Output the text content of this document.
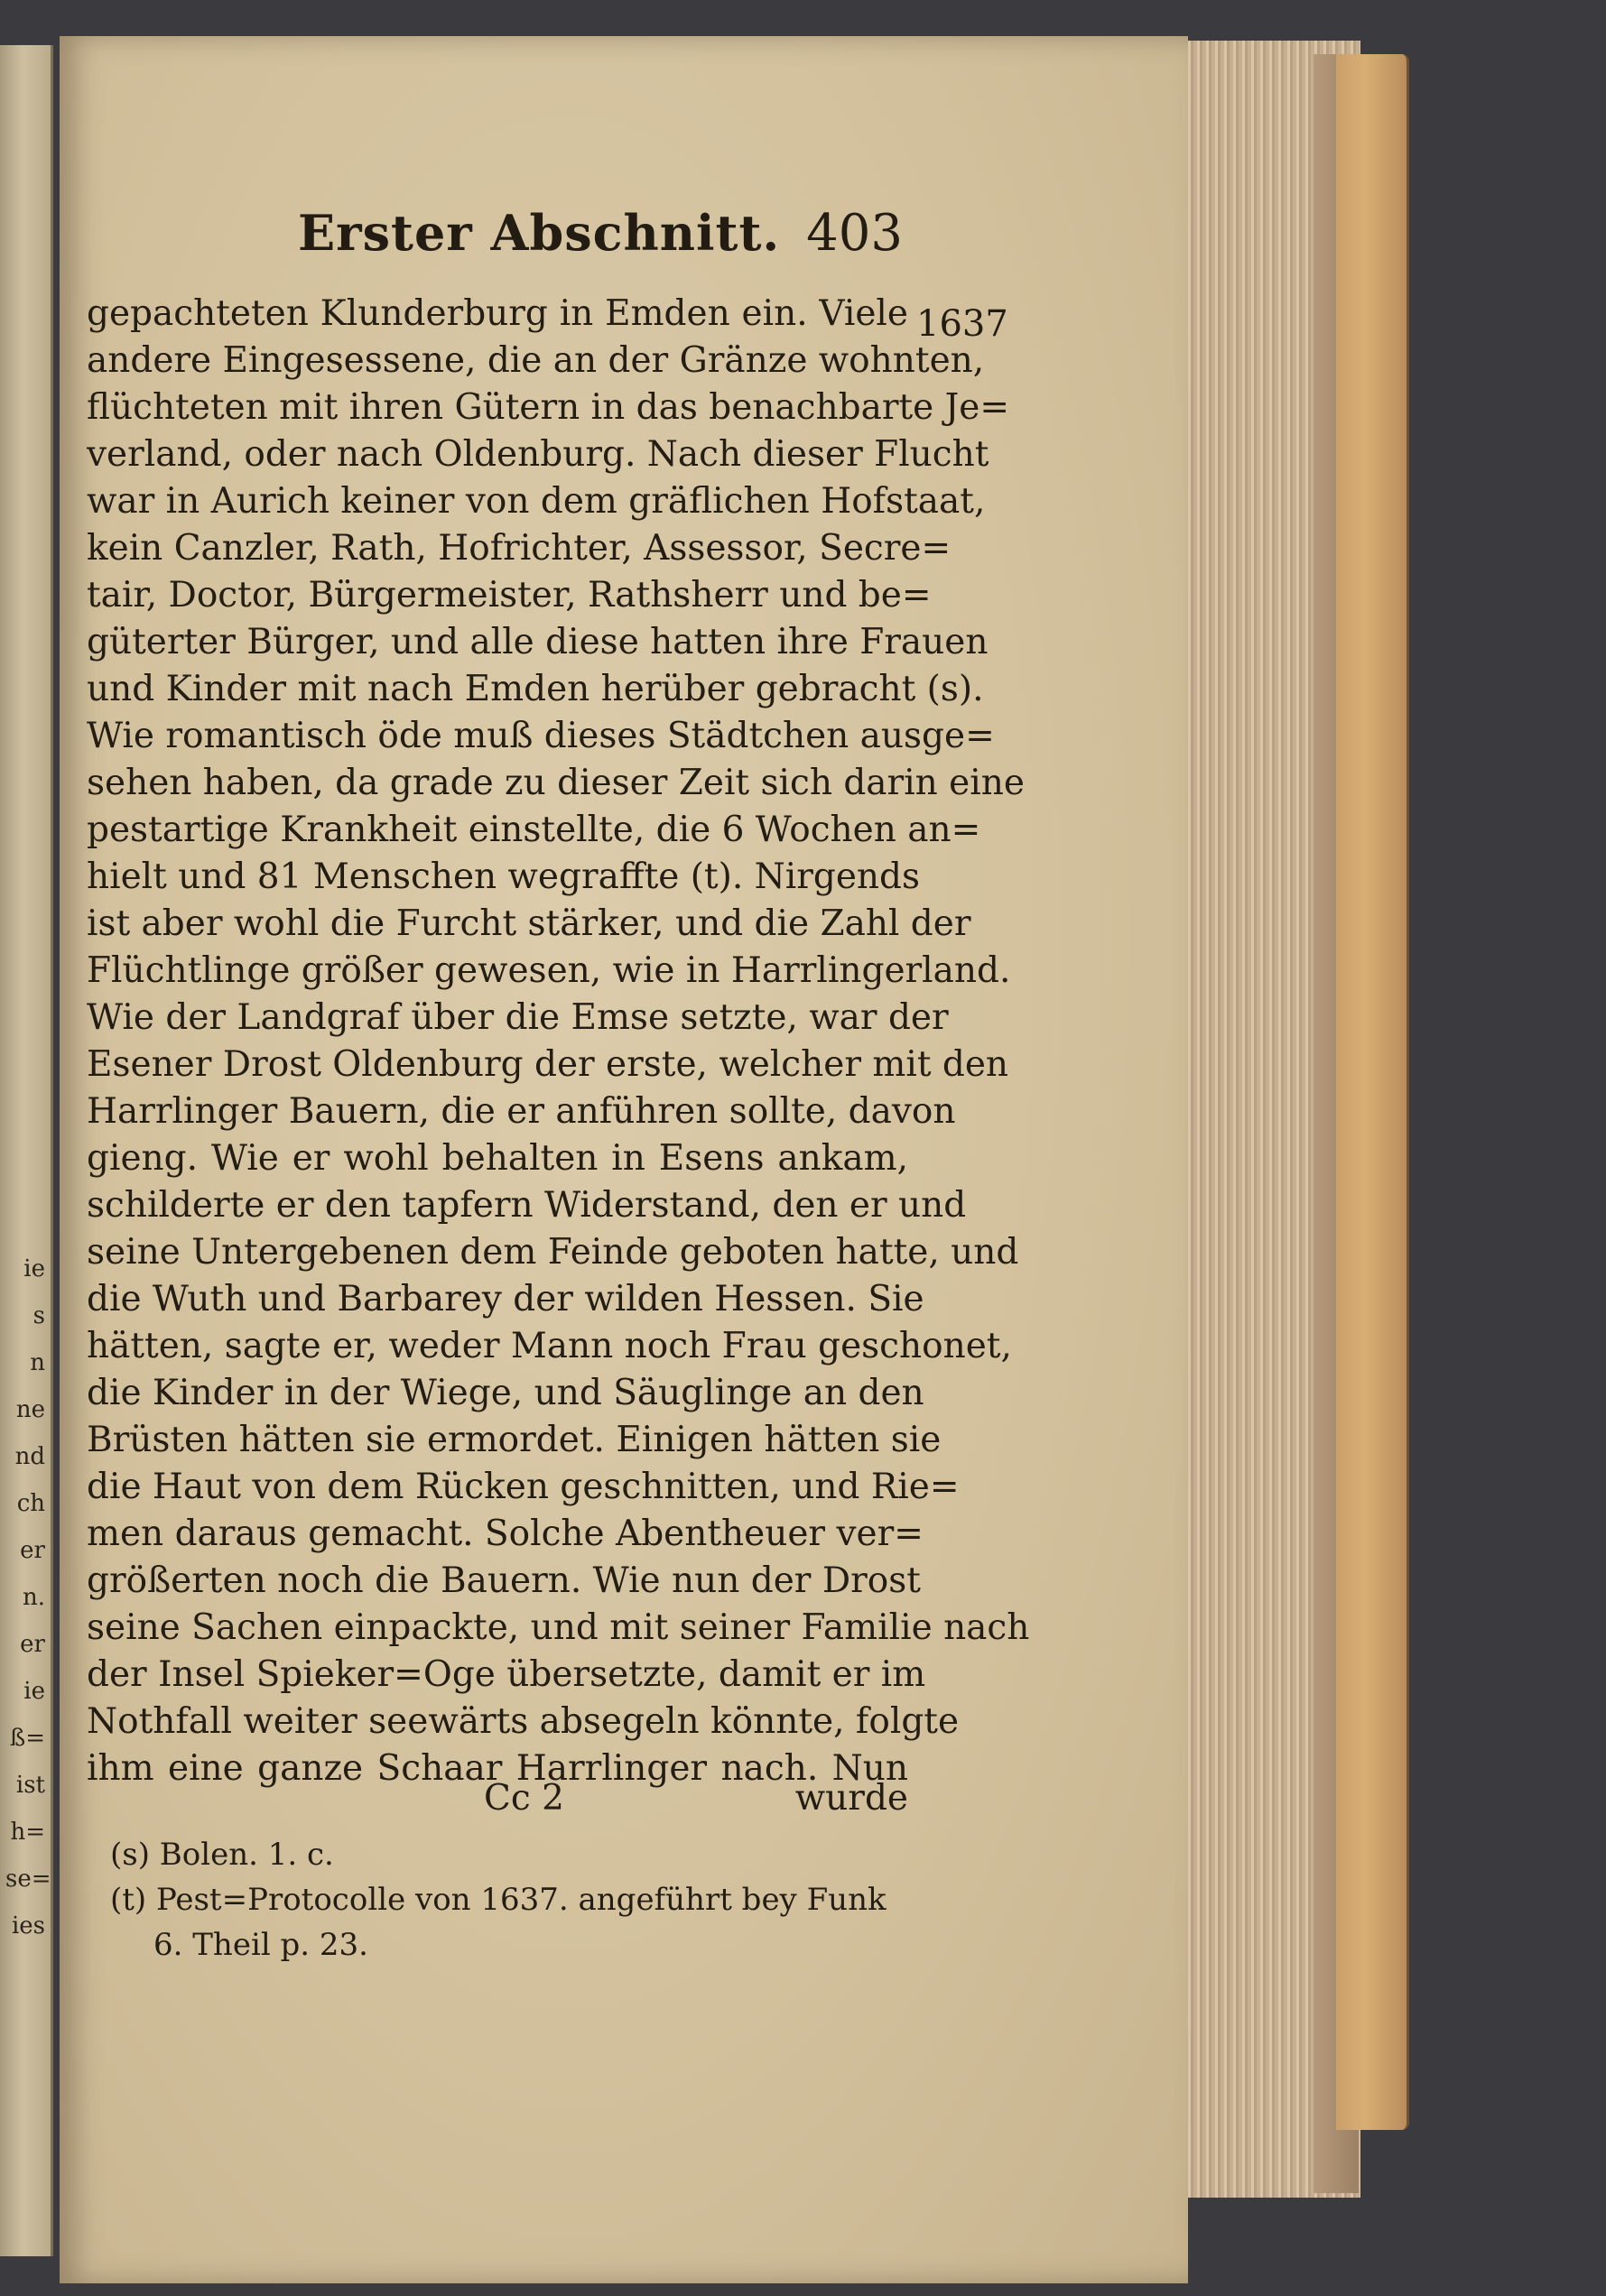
ie
s
n
ne
nd
ch
er
n.
er
ie
ß=
ist
h=
se=
ies
Erster Abschnitt. 403
1637
gepachteten Klunderburg in Emden ein. Viele
andere Eingesessene, die an der Gränze wohnten,
flüchteten mit ihren Gütern in das benachbarte Je=
verland, oder nach Oldenburg. Nach dieser Flucht
war in Aurich keiner von dem gräflichen Hofstaat,
kein Canzler, Rath, Hofrichter, Assessor, Secre=
tair, Doctor, Bürgermeister, Rathsherr und be=
güterter Bürger, und alle diese hatten ihre Frauen
und Kinder mit nach Emden herüber gebracht (s).
Wie romantisch öde muß dieses Städtchen ausge=
sehen haben, da grade zu dieser Zeit sich darin eine
pestartige Krankheit einstellte, die 6 Wochen an=
hielt und 81 Menschen wegraffte (t). Nirgends
ist aber wohl die Furcht stärker, und die Zahl der
Flüchtlinge größer gewesen, wie in Harrlingerland.
Wie der Landgraf über die Emse setzte, war der
Esener Drost Oldenburg der erste, welcher mit den
Harrlinger Bauern, die er anführen sollte, davon
gieng. Wie er wohl behalten in Esens ankam,
schilderte er den tapfern Widerstand, den er und
seine Untergebenen dem Feinde geboten hatte, und
die Wuth und Barbarey der wilden Hessen. Sie
hätten, sagte er, weder Mann noch Frau geschonet,
die Kinder in der Wiege, und Säuglinge an den
Brüsten hätten sie ermordet. Einigen hätten sie
die Haut von dem Rücken geschnitten, und Rie=
men daraus gemacht. Solche Abentheuer ver=
größerten noch die Bauern. Wie nun der Drost
seine Sachen einpackte, und mit seiner Familie nach
der Insel Spieker=Oge übersetzte, damit er im
Nothfall weiter seewärts absegeln könnte, folgte
ihm eine ganze Schaar Harrlinger nach. Nun
Cc 2	wurde
(s) Bolen. 1. c.
(t) Pest=Protocolle von 1637. angeführt bey Funk
6. Theil p. 23.
